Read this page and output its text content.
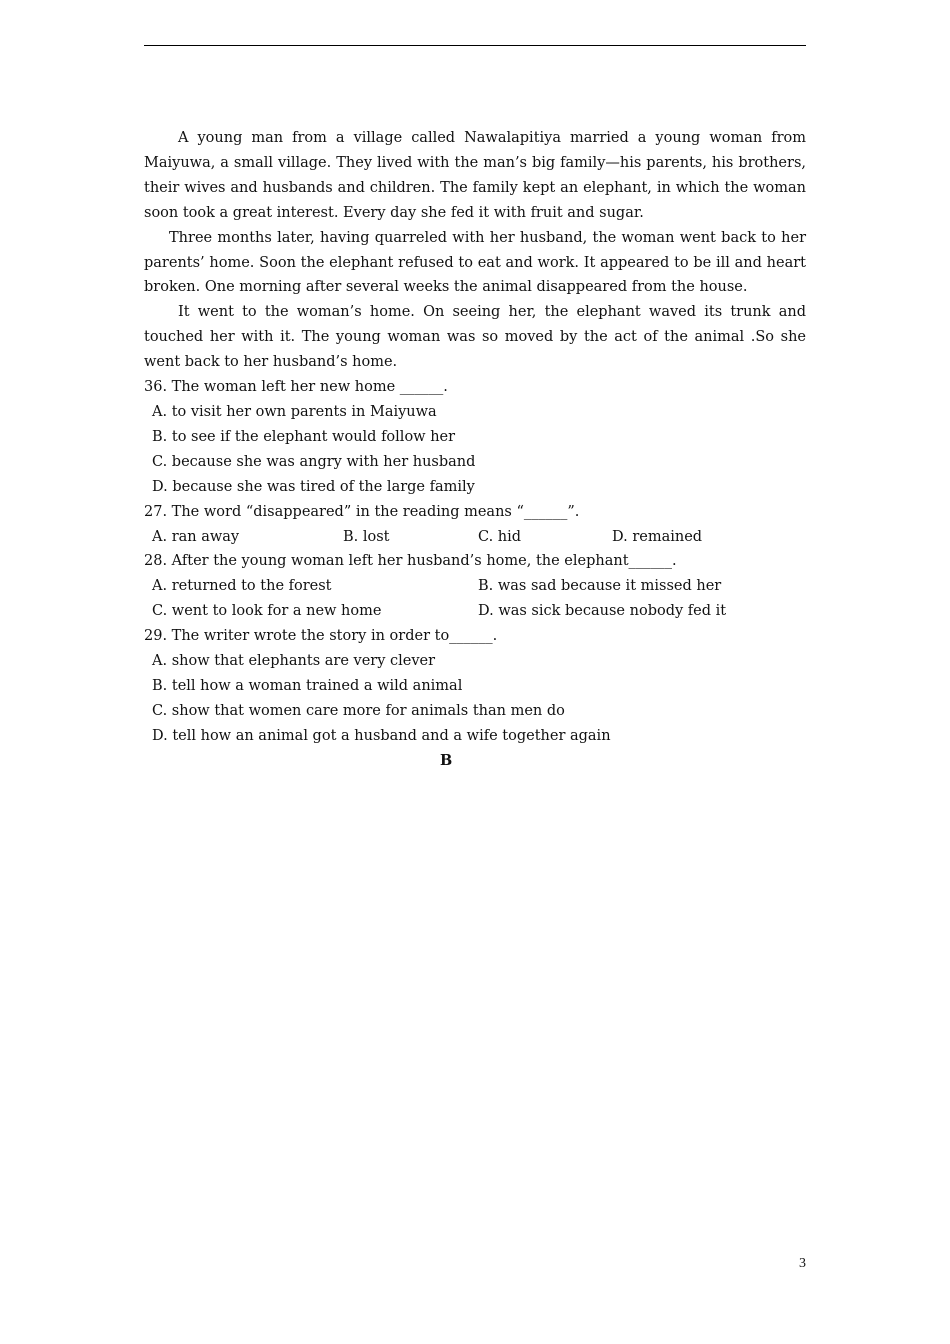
A young man from a village called Nawalapitiya married a young woman from Maiyuwa, a small village. They lived with the man’s big family—his parents, his brothers, their wives and husbands and children. The family kept an elephant, in which the woman soon took a great interest. Every day she fed it with fruit and sugar.

Three months later, having quarreled with her husband, the woman went back to her parents’ home. Soon the elephant refused to eat and work. It appeared to be ill and heart broken. One morning after several weeks the animal disappeared from the house.

It went to the woman’s home. On seeing her, the elephant waved its trunk and touched her with it. The young woman was so moved by the act of the animal .So she went back to her husband’s home.

36. The woman left her new home ______.

A. to visit her own parents in Maiyuwa

B. to see if the elephant would follow her

C. because she was angry with her husband

D. because she was tired of the large family

27. The word “disappeared” in the reading means “______”.

A. ran away	B. lost	C. hid	D. remained

28. After the young woman left her husband’s home, the elephant______.

A. returned to the forest	B. was sad because it missed her
C. went to look for a new home	D. was sick because nobody fed it

29. The writer wrote the story in order to______.

A. show that elephants are very clever

B. tell how a woman trained a wild animal

C. show that women care more for animals than men do

D. tell how an animal got a husband and a wife together again

B

3
